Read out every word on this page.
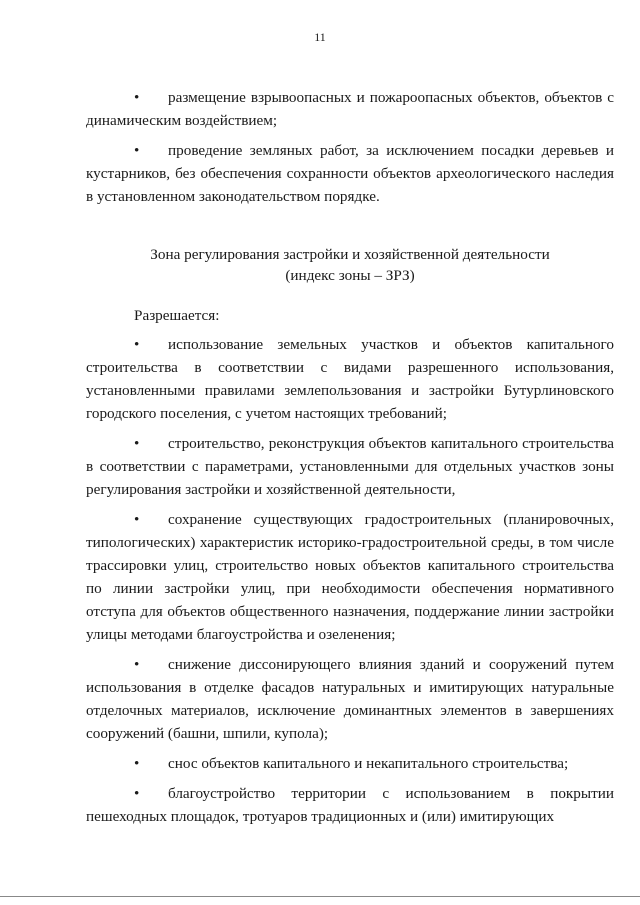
11

• размещение взрывоопасных и пожароопасных объектов, объектов с динамическим воздействием;

• проведение земляных работ, за исключением посадки деревьев и кустарников, без обеспечения сохранности объектов археологического наследия в установленном законодательством порядке.

Зона регулирования застройки и хозяйственной деятельности
(индекс зоны – ЗРЗ)

Разрешается:

• использование земельных участков и объектов капитального строительства в соответствии с видами разрешенного использования, установленными правилами землепользования и застройки Бутурлиновского городского поселения, с учетом настоящих требований;

• строительство, реконструкция объектов капитального строительства в соответствии с параметрами, установленными для отдельных участков зоны регулирования застройки и хозяйственной деятельности,

• сохранение существующих градостроительных (планировочных, типологических) характеристик историко-градостроительной среды, в том числе трассировки улиц, строительство новых объектов капитального строительства по линии застройки улиц, при необходимости обеспечения нормативного отступа для объектов общественного назначения, поддержание линии застройки улицы методами благоустройства и озеленения;

• снижение диссонирующего влияния зданий и сооружений путем использования в отделке фасадов натуральных и имитирующих натуральные отделочных материалов, исключение доминантных элементов в завершениях сооружений (башни, шпили, купола);

• снос объектов капитального и некапитального строительства;

• благоустройство территории с использованием в покрытии пешеходных площадок, тротуаров традиционных и (или) имитирующих
